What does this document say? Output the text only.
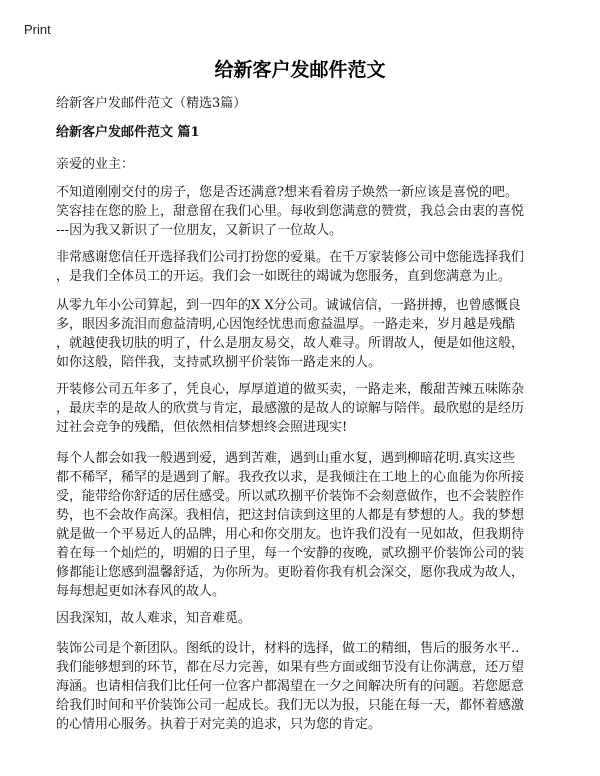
Print
给新客户发邮件范文
给新客户发邮件范文（精选3篇）
给新客户发邮件范文 篇1
亲爱的业主：
不知道刚刚交付的房子，您是否还满意?想来看着房子焕然一新应该是喜悦的吧。
笑容挂在您的脸上，甜意留在我们心里。每收到您满意的赞赏，我总会由衷的喜悦
---因为我又新识了一位朋友，又新识了一位故人。
非常感谢您信任开选择我们公司打扮您的爱巢。在千万家装修公司中您能选择我们
，是我们全体员工的开运。我们会一如既往的竭诚为您服务，直到您满意为止。
从零九年小公司算起，到一四年的X X分公司。诚诚信信，一路拼搏，也曾感慨良
多，眼因多流泪而愈益清明,心因饱经忧患而愈益温厚。一路走来，岁月越是残酷
，就越使我切肤的明了，什么是朋友易交，故人难寻。所谓故人，便是如他这般，
如你这般，陪伴我，支持贰玖捌平价装饰一路走来的人。
开装修公司五年多了，凭良心，厚厚道道的做买卖，一路走来，酸甜苦辣五味陈杂
，最庆幸的是故人的欣赏与肯定，最感激的是故人的谅解与陪伴。最欣慰的是经历
过社会竞争的残酷，但依然相信梦想终会照进现实!
每个人都会如我一般遇到爱，遇到苦难，遇到山重水复，遇到柳暗花明.真实这些
都不稀罕，稀罕的是遇到了解。我孜孜以求，是我倾注在工地上的心血能为你所接
受，能带给你舒适的居住感受。所以贰玖捌平价装饰不会刻意做作，也不会装腔作
势，也不会故作高深。我相信，把这封信读到这里的人都是有梦想的人。我的梦想
就是做一个平易近人的品牌，用心和你交朋友。也许我们没有一见如故，但我期待
着在每一个灿烂的，明媚的日子里，每一个安静的夜晚，贰玖捌平价装饰公司的装
修都能让您感到温馨舒适，为你所为。更盼着你我有机会深交，愿你我成为故人，
每每想起更如沐春风的故人。
因我深知，故人难求，知音难觅。
装饰公司是个新团队。图纸的设计，材料的选择，做工的精细，售后的服务水平..
我们能够想到的环节，都在尽力完善，如果有些方面或细节没有让你满意，还万望
海涵。也请相信我们比任何一位客户都渴望在一夕之间解决所有的问题。若您愿意
给我们时间和平价装饰公司一起成长。我们无以为报，只能在每一天，都怀着感激
的心情用心服务。执着于对完美的追求，只为您的肯定。
